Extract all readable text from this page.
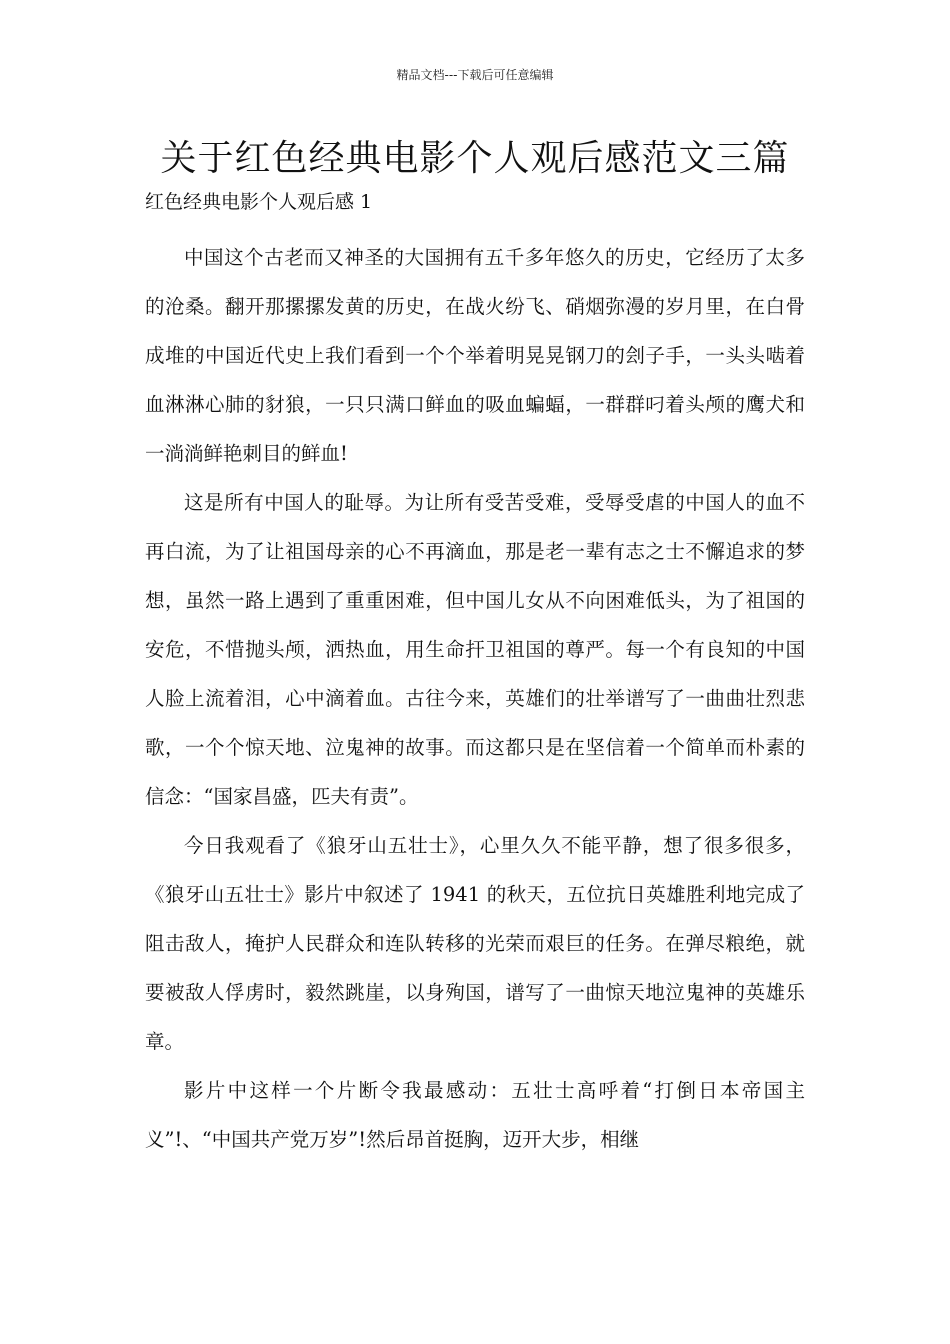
精品文档---下载后可任意编辑
关于红色经典电影个人观后感范文三篇

红色经典电影个人观后感 1

中国这个古老而又神圣的大国拥有五千多年悠久的历史，它经历了太多的沧桑。翻开那摞摞发黄的历史，在战火纷飞、硝烟弥漫的岁月里，在白骨成堆的中国近代史上我们看到一个个举着明晃晃钢刀的刽子手，一头头啮着血淋淋心肺的豺狼，一只只满口鲜血的吸血蝙蝠，一群群叼着头颅的鹰犬和一淌淌鲜艳刺目的鲜血!

这是所有中国人的耻辱。为让所有受苦受难，受辱受虐的中国人的血不再白流，为了让祖国母亲的心不再滴血，那是老一辈有志之士不懈追求的梦想，虽然一路上遇到了重重困难，但中国儿女从不向困难低头，为了祖国的安危，不惜抛头颅，洒热血，用生命扞卫祖国的尊严。每一个有良知的中国人脸上流着泪，心中滴着血。古往今来，英雄们的壮举谱写了一曲曲壮烈悲歌，一个个惊天地、泣鬼神的故事。而这都只是在坚信着一个简单而朴素的信念：“国家昌盛，匹夫有责”。

今日我观看了《狼牙山五壮士》，心里久久不能平静，想了很多很多，《狼牙山五壮士》影片中叙述了 1941 的秋天，五位抗日英雄胜利地完成了阻击敌人，掩护人民群众和连队转移的光荣而艰巨的任务。在弹尽粮绝，就要被敌人俘虏时，毅然跳崖，以身殉国，谱写了一曲惊天地泣鬼神的英雄乐章。

影片中这样一个片断令我最感动：五壮士高呼着“打倒日本帝国主义”!、“中国共产党万岁”!然后昂首挺胸，迈开大步，相继
